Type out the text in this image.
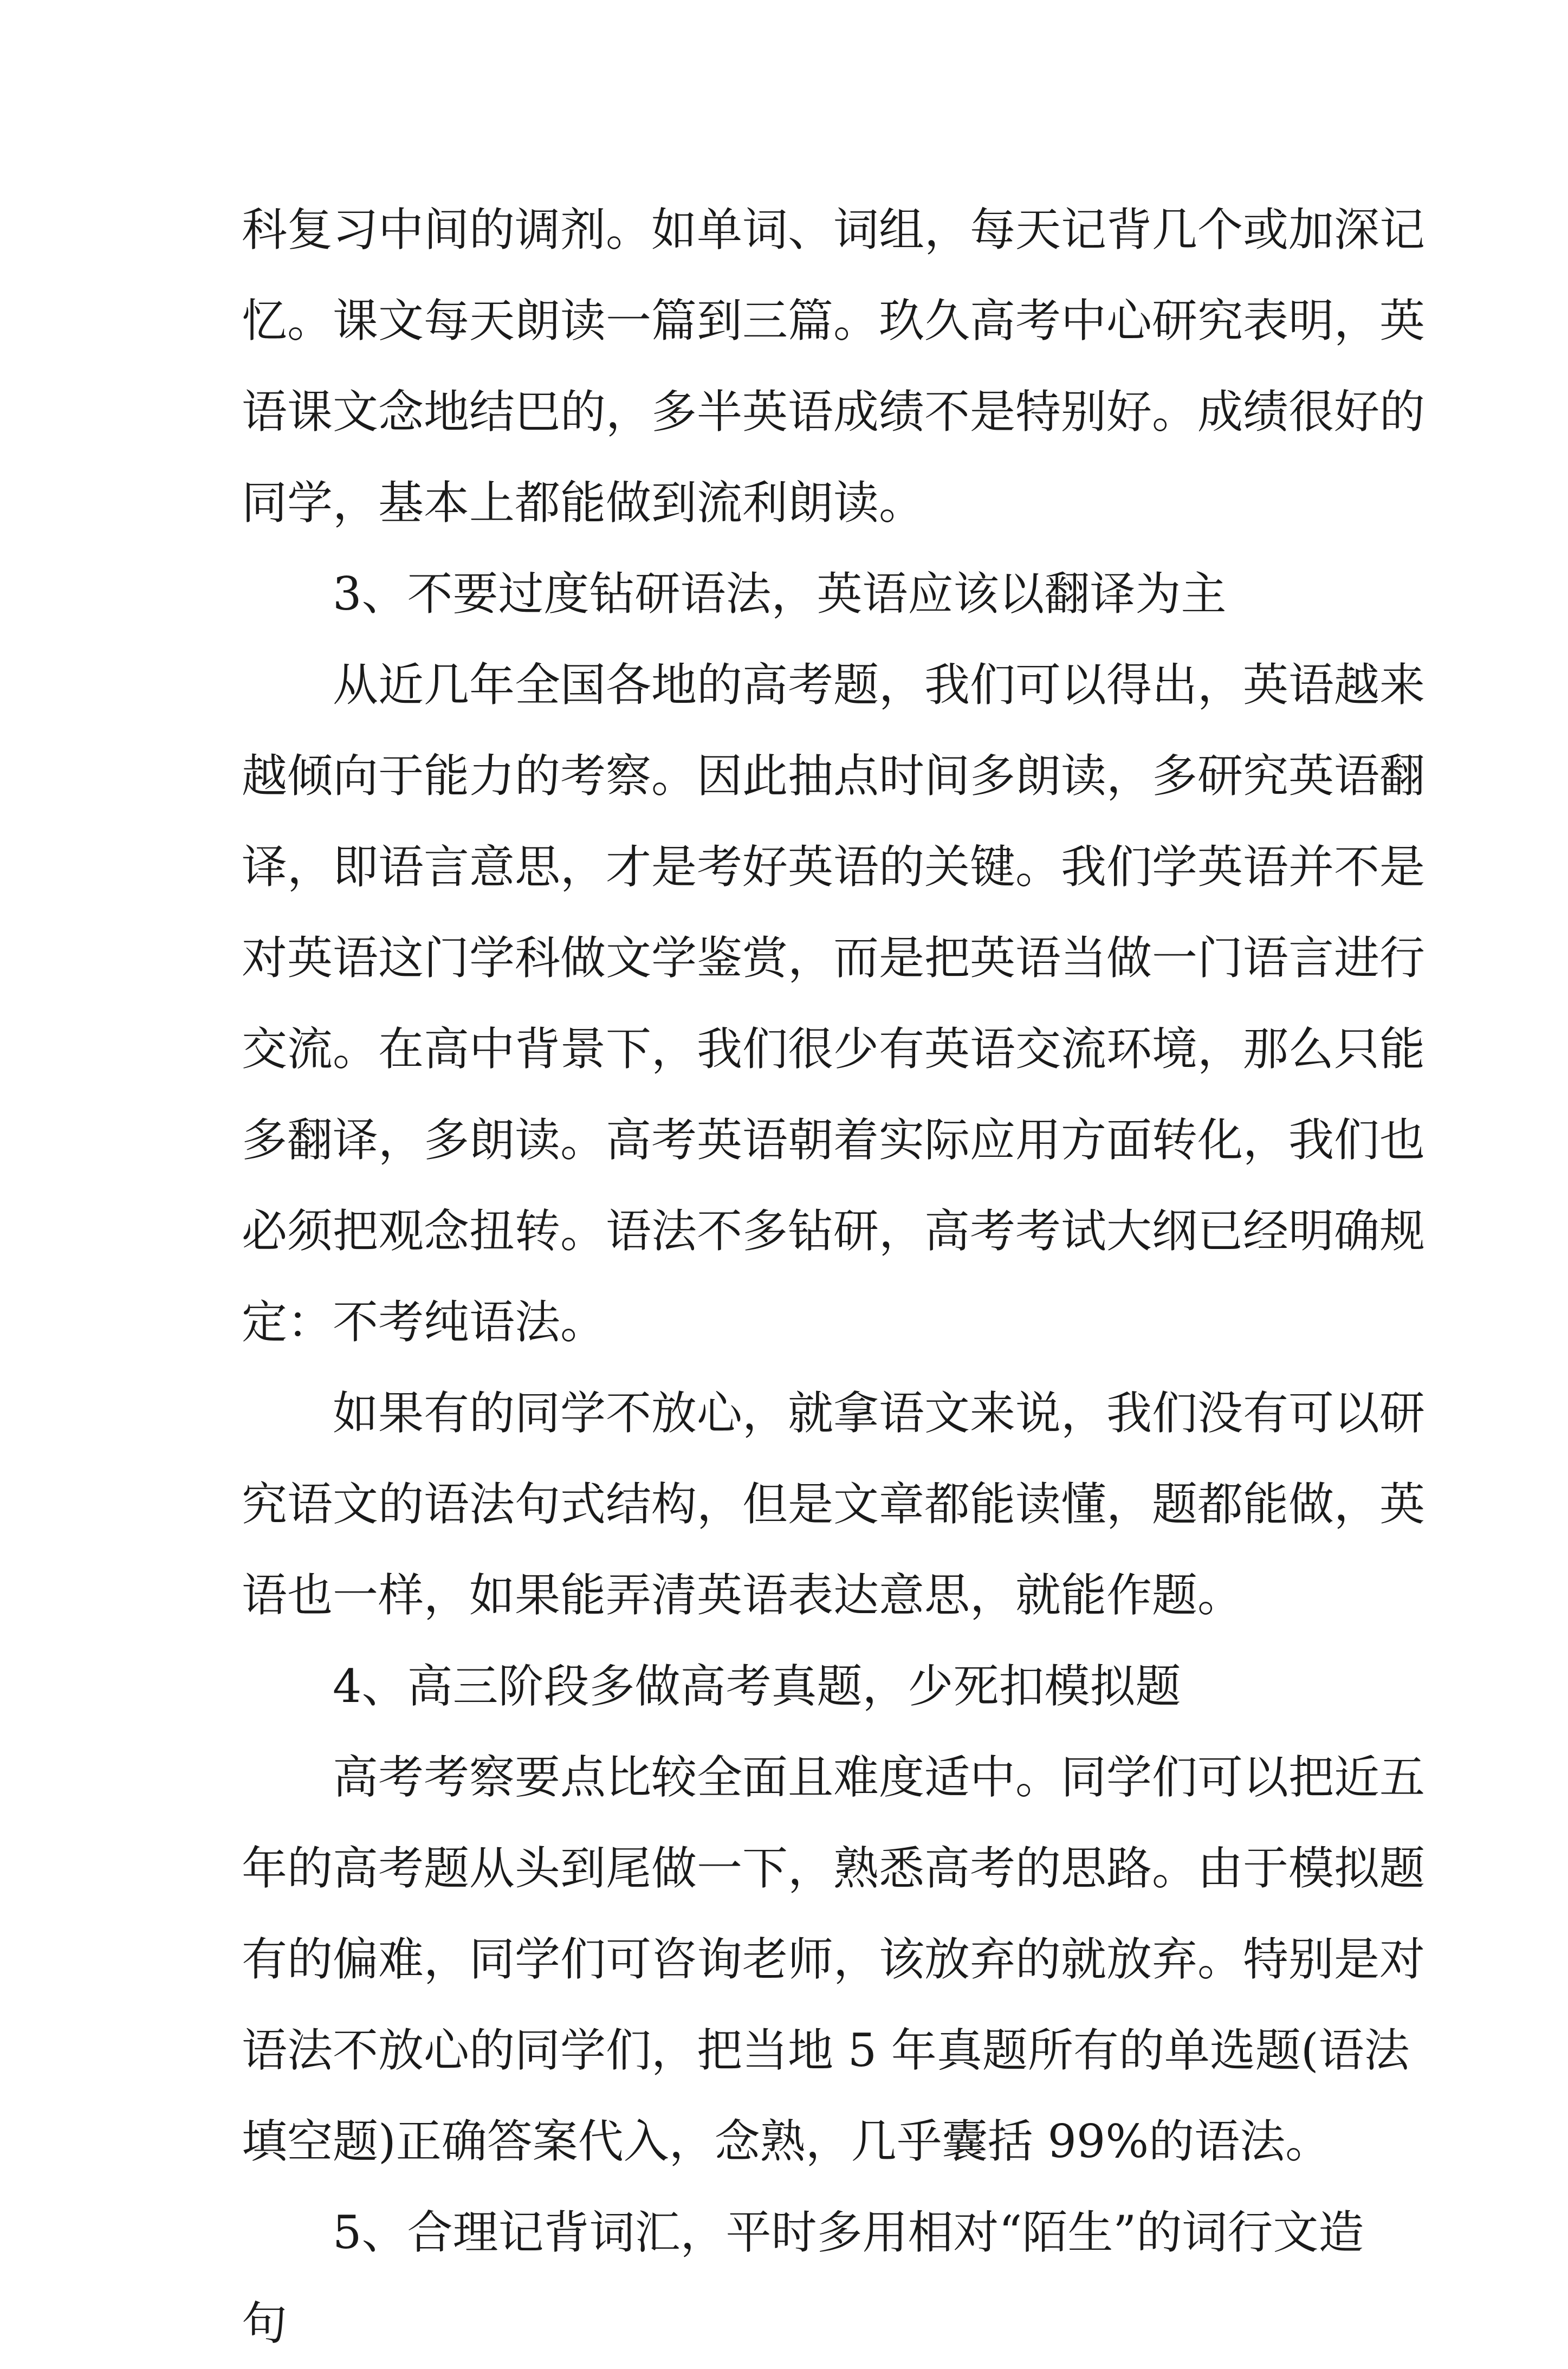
科复习中间的调剂。如单词、词组，每天记背几个或加深记
忆。课文每天朗读一篇到三篇。玖久高考中心研究表明，英
语课文念地结巴的，多半英语成绩不是特别好。成绩很好的
同学，基本上都能做到流利朗读。
3、不要过度钻研语法，英语应该以翻译为主
从近几年全国各地的高考题，我们可以得出，英语越来
越倾向于能力的考察。因此抽点时间多朗读，多研究英语翻
译，即语言意思，才是考好英语的关键。我们学英语并不是
对英语这门学科做文学鉴赏，而是把英语当做一门语言进行
交流。在高中背景下，我们很少有英语交流环境，那么只能
多翻译，多朗读。高考英语朝着实际应用方面转化，我们也
必须把观念扭转。语法不多钻研，高考考试大纲已经明确规
定：不考纯语法。
如果有的同学不放心，就拿语文来说，我们没有可以研
究语文的语法句式结构，但是文章都能读懂，题都能做，英
语也一样，如果能弄清英语表达意思，就能作题。
4、高三阶段多做高考真题，少死扣模拟题
高考考察要点比较全面且难度适中。同学们可以把近五
年的高考题从头到尾做一下，熟悉高考的思路。由于模拟题
有的偏难，同学们可咨询老师，该放弃的就放弃。特别是对
语法不放心的同学们，把当地 5 年真题所有的单选题(语法
填空题)正确答案代入，念熟，几乎囊括 99%的语法。
5、合理记背词汇，平时多用相对“陌生”的词行文造
句
